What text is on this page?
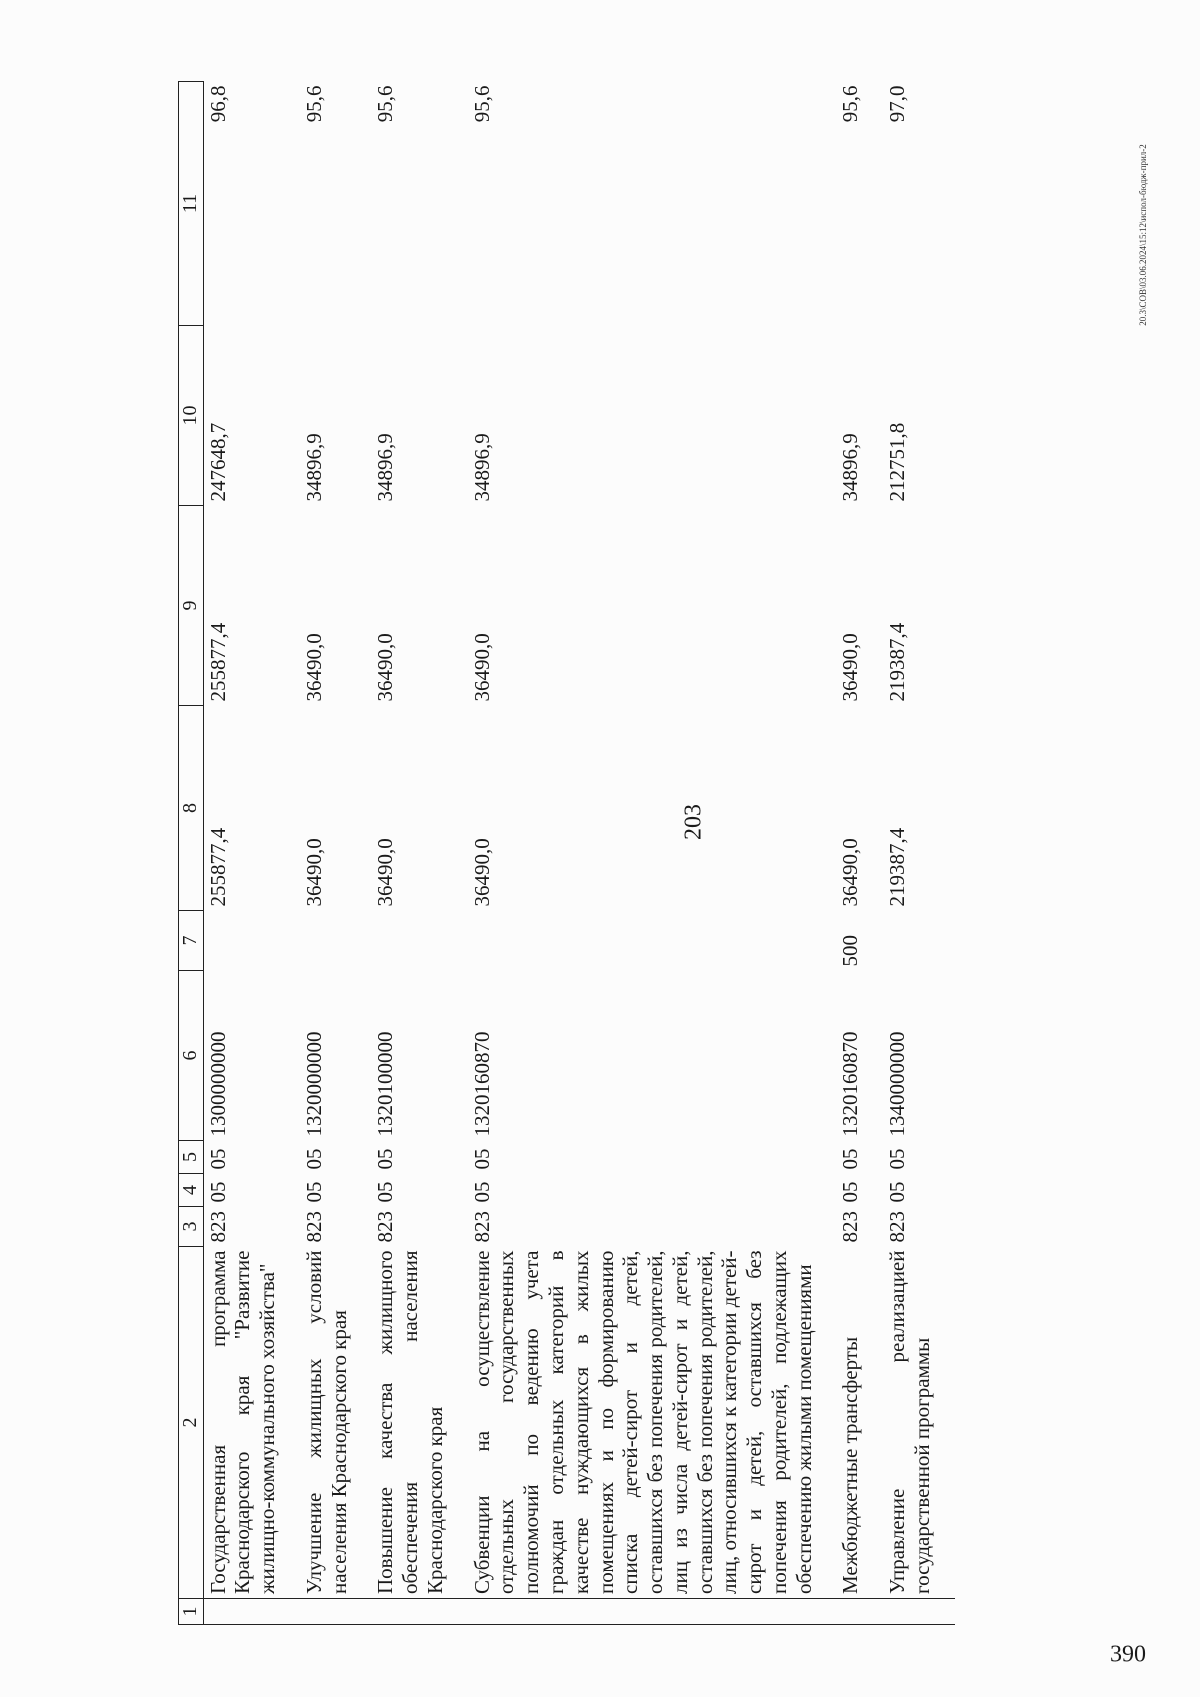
203
20.3\СОВ\03.06.2024\15:12\испол-бюдж-прил-2
390
1	2	3	4	5	6	7	8	9	10	11
	Государственная программа Краснодарского края "Развитие жилищно-коммунального хозяйства"	823	05	05	1300000000		255877,4	255877,4	247648,7	96,8
	Улучшение жилищных условий населения Краснодарского края	823	05	05	1320000000		36490,0	36490,0	34896,9	95,6
	Повышение качества жилищного обеспечения населения Краснодарского края	823	05	05	1320100000		36490,0	36490,0	34896,9	95,6
	Субвенции на осуществление отдельных государственных полномочий по ведению учета граждан отдельных категорий в качестве нуждающихся в жилых помещениях и по формированию списка детей-сирот и детей, оставшихся без попечения родителей, лиц из числа детей-сирот и детей, оставшихся без попечения родителей, лиц, относившихся к категории детей-сирот и детей, оставшихся без попечения родителей, подлежащих обеспечению жилыми помещениями	823	05	05	1320160870		36490,0	36490,0	34896,9	95,6
	Межбюджетные трансферты	823	05	05	1320160870	500	36490,0	36490,0	34896,9	95,6
	Управление реализацией государственной программы	823	05	05	1340000000		219387,4	219387,4	212751,8	97,0
